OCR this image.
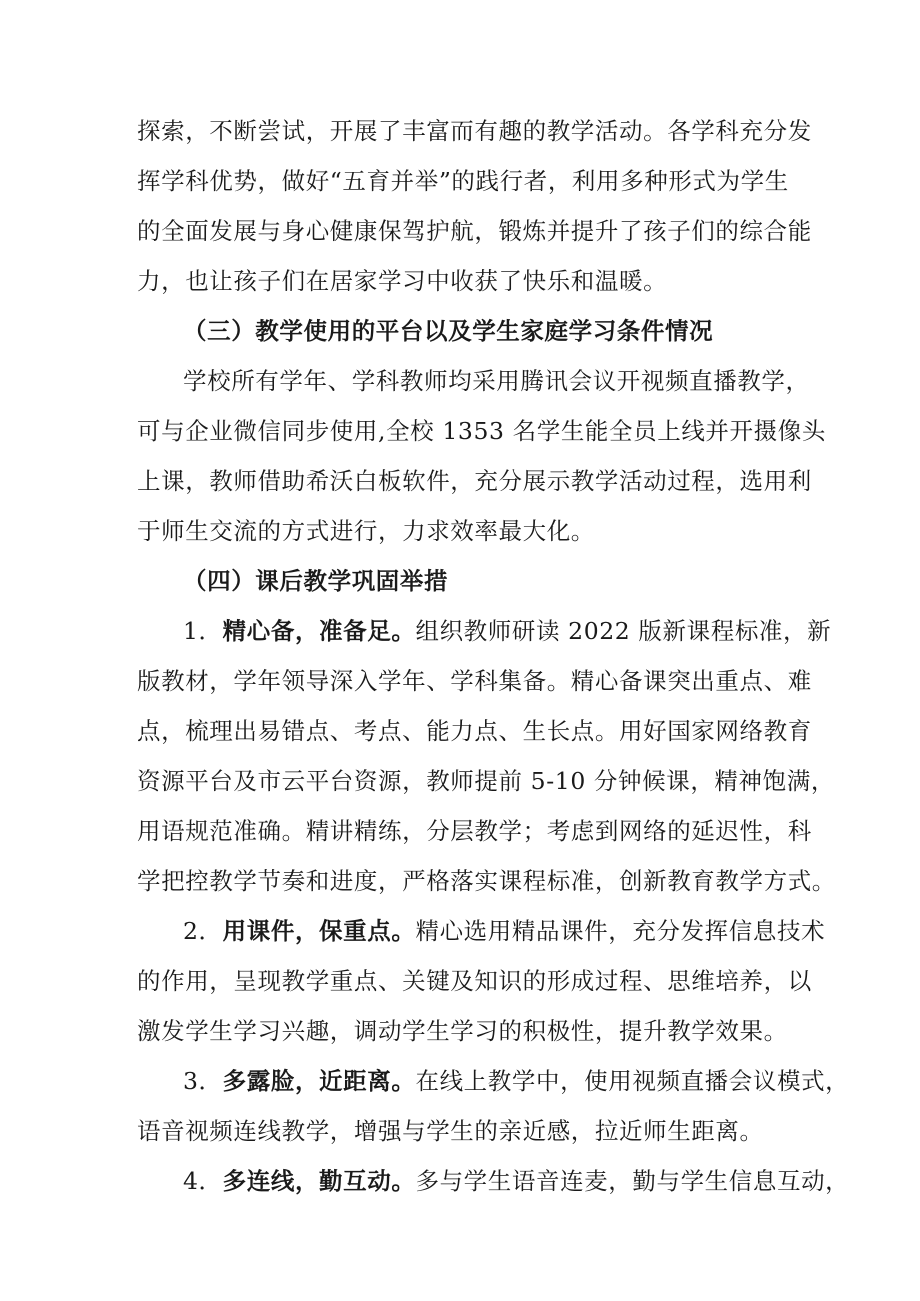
探索，不断尝试，开展了丰富而有趣的教学活动。各学科充分发
挥学科优势，做好“五育并举”的践行者，利用多种形式为学生
的全面发展与身心健康保驾护航，锻炼并提升了孩子们的综合能
力，也让孩子们在居家学习中收获了快乐和温暖。
（三）教学使用的平台以及学生家庭学习条件情况
学校所有学年、学科教师均采用腾讯会议开视频直播教学，
可与企业微信同步使用,全校 1353 名学生能全员上线并开摄像头
上课，教师借助希沃白板软件，充分展示教学活动过程，选用利
于师生交流的方式进行，力求效率最大化。
（四）课后教学巩固举措
1．精心备，准备足。组织教师研读 2022 版新课程标准，新
版教材，学年领导深入学年、学科集备。精心备课突出重点、难
点，梳理出易错点、考点、能力点、生长点。用好国家网络教育
资源平台及市云平台资源，教师提前 5-10 分钟候课，精神饱满，
用语规范准确。精讲精练，分层教学；考虑到网络的延迟性，科
学把控教学节奏和进度，严格落实课程标准，创新教育教学方式。
2．用课件，保重点。精心选用精品课件，充分发挥信息技术
的作用，呈现教学重点、关键及知识的形成过程、思维培养，以
激发学生学习兴趣，调动学生学习的积极性，提升教学效果。
3．多露脸，近距离。在线上教学中，使用视频直播会议模式，
语音视频连线教学，增强与学生的亲近感，拉近师生距离。
4．多连线，勤互动。多与学生语音连麦，勤与学生信息互动，
